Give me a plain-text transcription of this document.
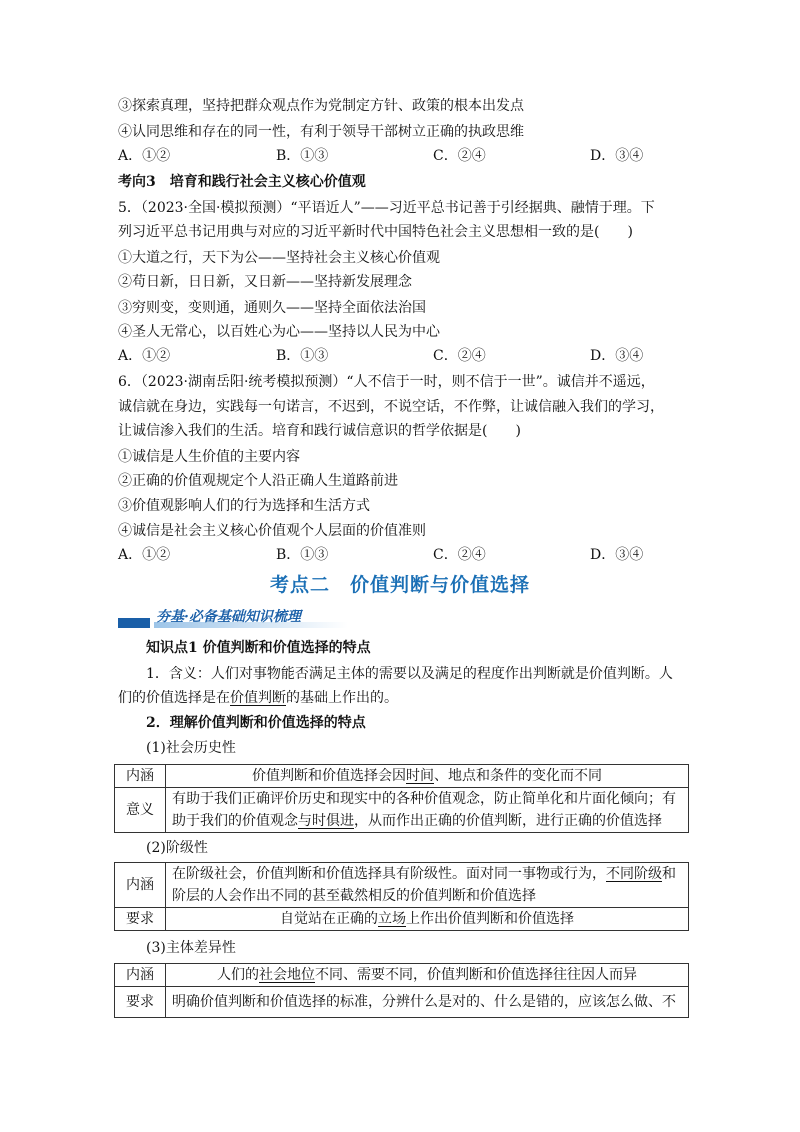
③探索真理，坚持把群众观点作为党制定方针、政策的根本出发点
④认同思维和存在的同一性，有利于领导干部树立正确的执政思维
A．①②	B．①③	C．②④	D．③④
考向3　培育和践行社会主义核心价值观
5．（2023·全国·模拟预测）“平语近人”——习近平总书记善于引经据典、融情于理。下
列习近平总书记用典与对应的习近平新时代中国特色社会主义思想相一致的是(　　)
①大道之行，天下为公——坚持社会主义核心价值观
②苟日新，日日新，又日新——坚持新发展理念
③穷则变，变则通，通则久——坚持全面依法治国
④圣人无常心，以百姓心为心——坚持以人民为中心
A．①②	B．①③	C．②④	D．③④
6．（2023·湖南岳阳·统考模拟预测）“人不信于一时，则不信于一世”。诚信并不遥远，
诚信就在身边，实践每一句诺言，不迟到，不说空话，不作弊，让诚信融入我们的学习，
让诚信渗入我们的生活。培育和践行诚信意识的哲学依据是(　　)
①诚信是人生价值的主要内容
②正确的价值观规定个人沿正确人生道路前进
③价值观影响人们的行为选择和生活方式
④诚信是社会主义核心价值观个人层面的价值准则
A．①②	B．①③	C．②④	D．③④
考点二　价值判断与价值选择
夯基·必备基础知识梳理
知识点1 价值判断和价值选择的特点
1．含义：人们对事物能否满足主体的需要以及满足的程度作出判断就是价值判断。人
们的价值选择是在价值判断的基础上作出的。
2．理解价值判断和价值选择的特点
(1)社会历史性
内涵	价值判断和价值选择会因时间、地点和条件的变化而不同
意义	有助于我们正确评价历史和现实中的各种价值观念，防止简单化和片面化倾向；有
助于我们的价值观念与时俱进，从而作出正确的价值判断，进行正确的价值选择
(2)阶级性
内涵	在阶级社会，价值判断和价值选择具有阶级性。面对同一事物或行为，不同阶级和
阶层的人会作出不同的甚至截然相反的价值判断和价值选择
要求	自觉站在正确的立场上作出价值判断和价值选择
(3)主体差异性
内涵	人们的社会地位不同、需要不同，价值判断和价值选择往往因人而异
要求	明确价值判断和价值选择的标准，分辨什么是对的、什么是错的，应该怎么做、不
